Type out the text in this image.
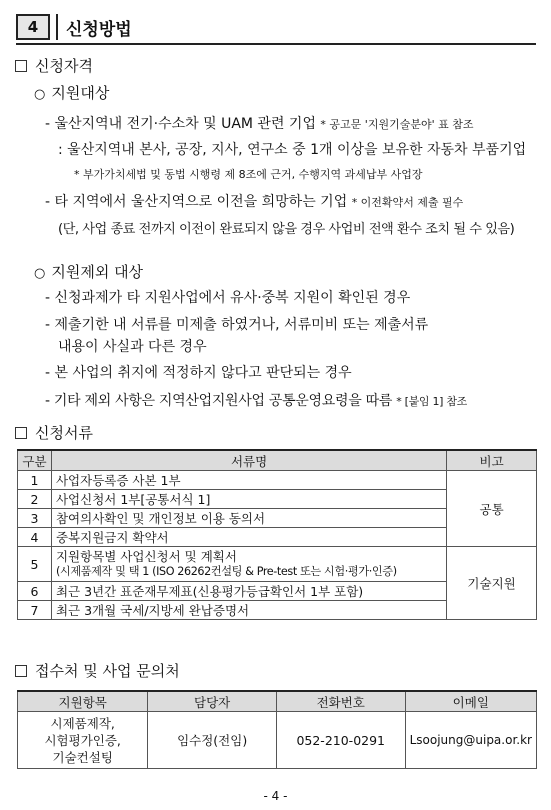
4	신청방법
신청자격
○ 지원대상
- 울산지역내 전기·수소차 및 UAM 관련 기업 * 공고문 '지원기술분야' 표 참조
: 울산지역내 본사, 공장, 지사, 연구소 중 1개 이상을 보유한 자동차 부품기업
* 부가가치세법 및 동법 시행령 제 8조에 근거, 수행지역 과세납부 사업장
- 타 지역에서 울산지역으로 이전을 희망하는 기업 * 이전확약서 제출 필수
(단, 사업 종료 전까지 이전이 완료되지 않을 경우 사업비 전액 환수 조치 될 수 있음)
○ 지원제외 대상
- 신청과제가 타 지원사업에서 유사·중복 지원이 확인된 경우
- 제출기한 내 서류를 미제출 하였거나, 서류미비 또는 제출서류
내용이 사실과 다른 경우
- 본 사업의 취지에 적정하지 않다고 판단되는 경우
- 기타 제외 사항은 지역산업지원사업 공통운영요령을 따름 * [붙임 1] 참조
신청서류
구분	서류명	비고
1	사업자등록증 사본 1부	공통
2	사업신청서 1부[공통서식 1]	
3	참여의사확인 및 개인정보 이용 동의서	
4	중복지원금지 확약서	
5	지원항목별 사업신청서 및 계획서
(시제품제작 및 택 1 (ISO 26262컨설팅 & Pre-test 또는 시험·평가·인증)	기술지원
6	최근 3년간 표준재무제표(신용평가등급확인서 1부 포함)	
7	최근 3개월 국세/지방세 완납증명서	
접수처 및 사업 문의처
지원항목	담당자	전화번호	이메일

시제품제작,
시험평가인증,
기술컨설팅	임수정(전임)	052-210-0291	Lsoojung@uipa.or.kr
- 4 -
